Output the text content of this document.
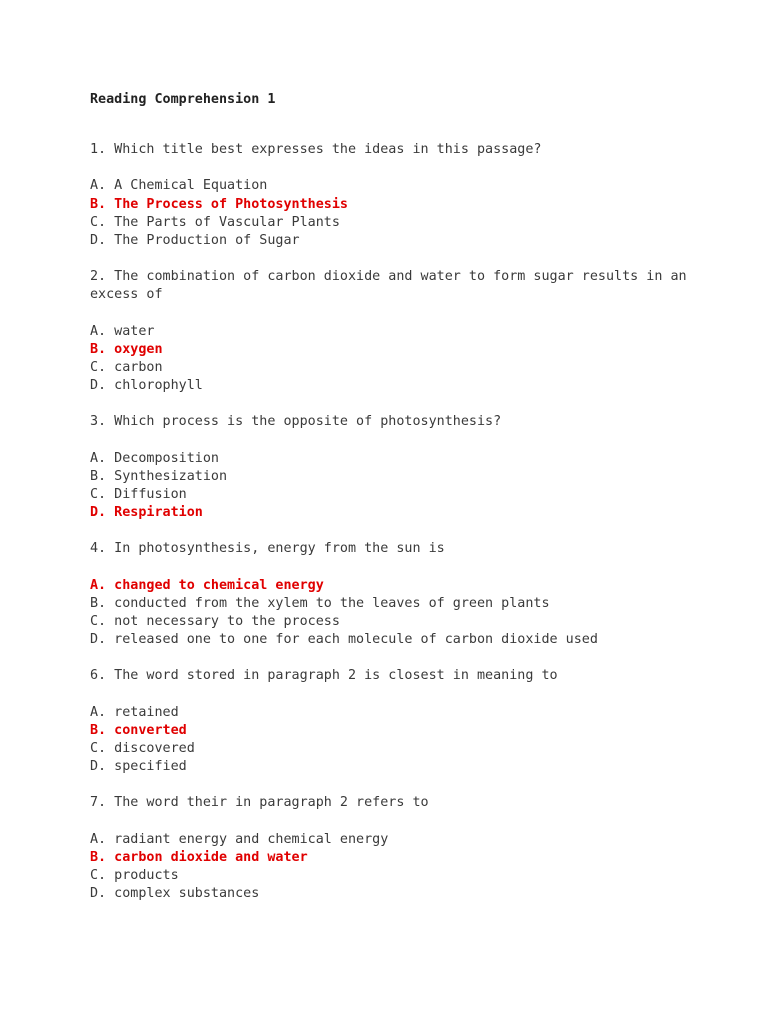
Reading Comprehension 1
1. Which title best expresses the ideas in this passage?
A. A Chemical Equation
B. The Process of Photosynthesis
C. The Parts of Vascular Plants
D. The Production of Sugar
2. The combination of carbon dioxide and water to form sugar results in an excess of
A. water
B. oxygen
C. carbon
D. chlorophyll
3. Which process is the opposite of photosynthesis?
A. Decomposition
B. Synthesization
C. Diffusion
D. Respiration
4. In photosynthesis, energy from the sun is
A. changed to chemical energy
B. conducted from the xylem to the leaves of green plants
C. not necessary to the process
D. released one to one for each molecule of carbon dioxide used
6. The word stored in paragraph 2 is closest in meaning to
A. retained
B. converted
C. discovered
D. specified
7. The word their in paragraph 2 refers to
A. radiant energy and chemical energy
B. carbon dioxide and water
C. products
D. complex substances
